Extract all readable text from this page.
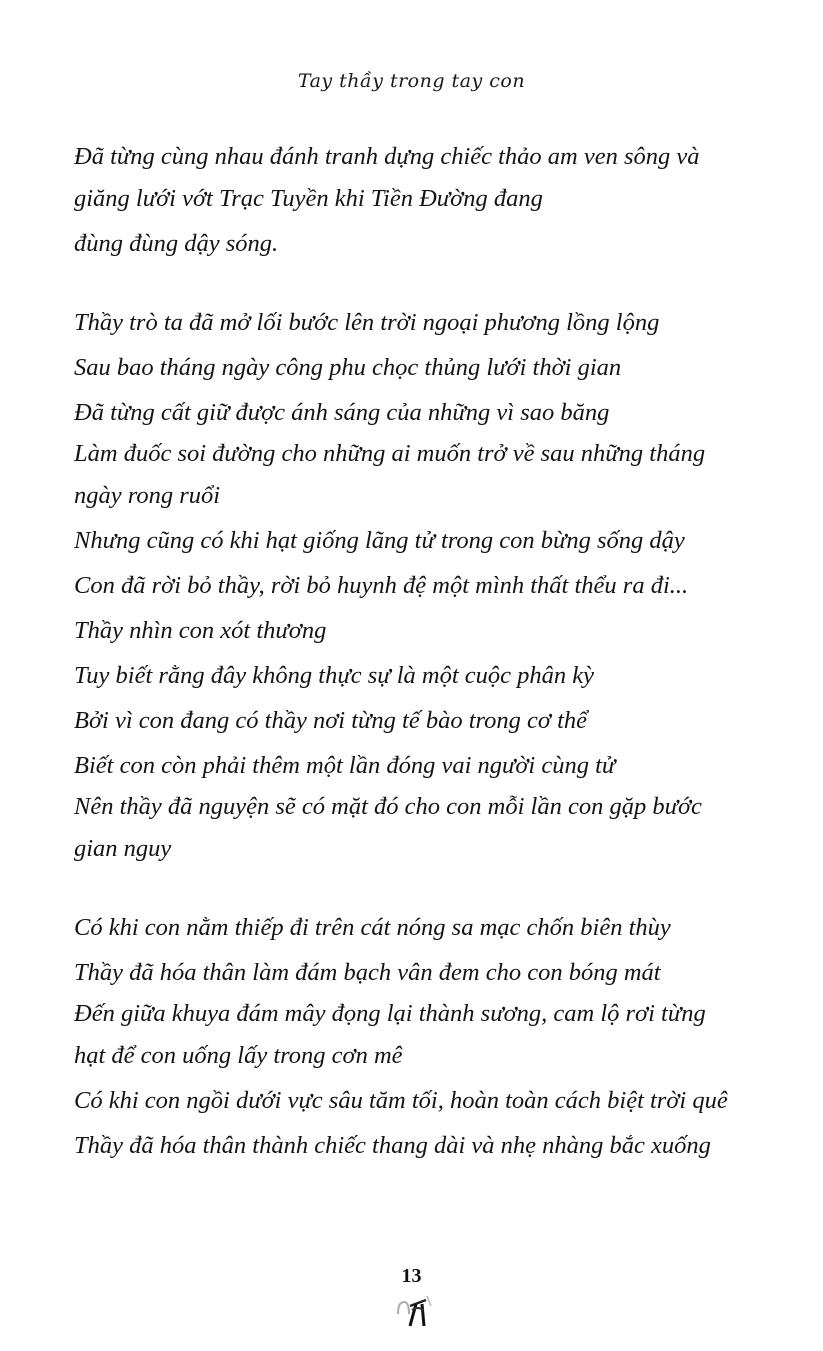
Tay thầy trong tay con
Đã từng cùng nhau đánh tranh dựng chiếc thảo am ven sông và
giăng lưới vớt Trạc Tuyền khi Tiền Đường đang
đùng đùng dậy sóng.
Thầy trò ta đã mở lối bước lên trời ngoại phương lồng lộng
Sau bao tháng ngày công phu chọc thủng lưới thời gian
Đã từng cất giữ được ánh sáng của những vì sao băng
Làm đuốc soi đường cho những ai muốn trở về sau những tháng
ngày rong ruổi
Nhưng cũng có khi hạt giống lãng tử trong con bừng sống dậy
Con đã rời bỏ thầy, rời bỏ huynh đệ một mình thất thểu ra đi...
Thầy nhìn con xót thương
Tuy biết rằng đây không thực sự là một cuộc phân kỳ
Bởi vì con đang có thầy nơi từng tế bào trong cơ thể
Biết con còn phải thêm một lần đóng vai người cùng tử
Nên thầy đã nguyện sẽ có mặt đó cho con mỗi lần con gặp bước
gian nguy
Có khi con nằm thiếp đi trên cát nóng sa mạc chốn biên thùy
Thầy đã hóa thân làm đám bạch vân đem cho con bóng mát
Đến giữa khuya đám mây đọng lại thành sương, cam lộ rơi từng
hạt để con uống lấy trong cơn mê
Có khi con ngồi dưới vực sâu tăm tối, hoàn toàn cách biệt trời quê
Thầy đã hóa thân thành chiếc thang dài và nhẹ nhàng bắc xuống
13
